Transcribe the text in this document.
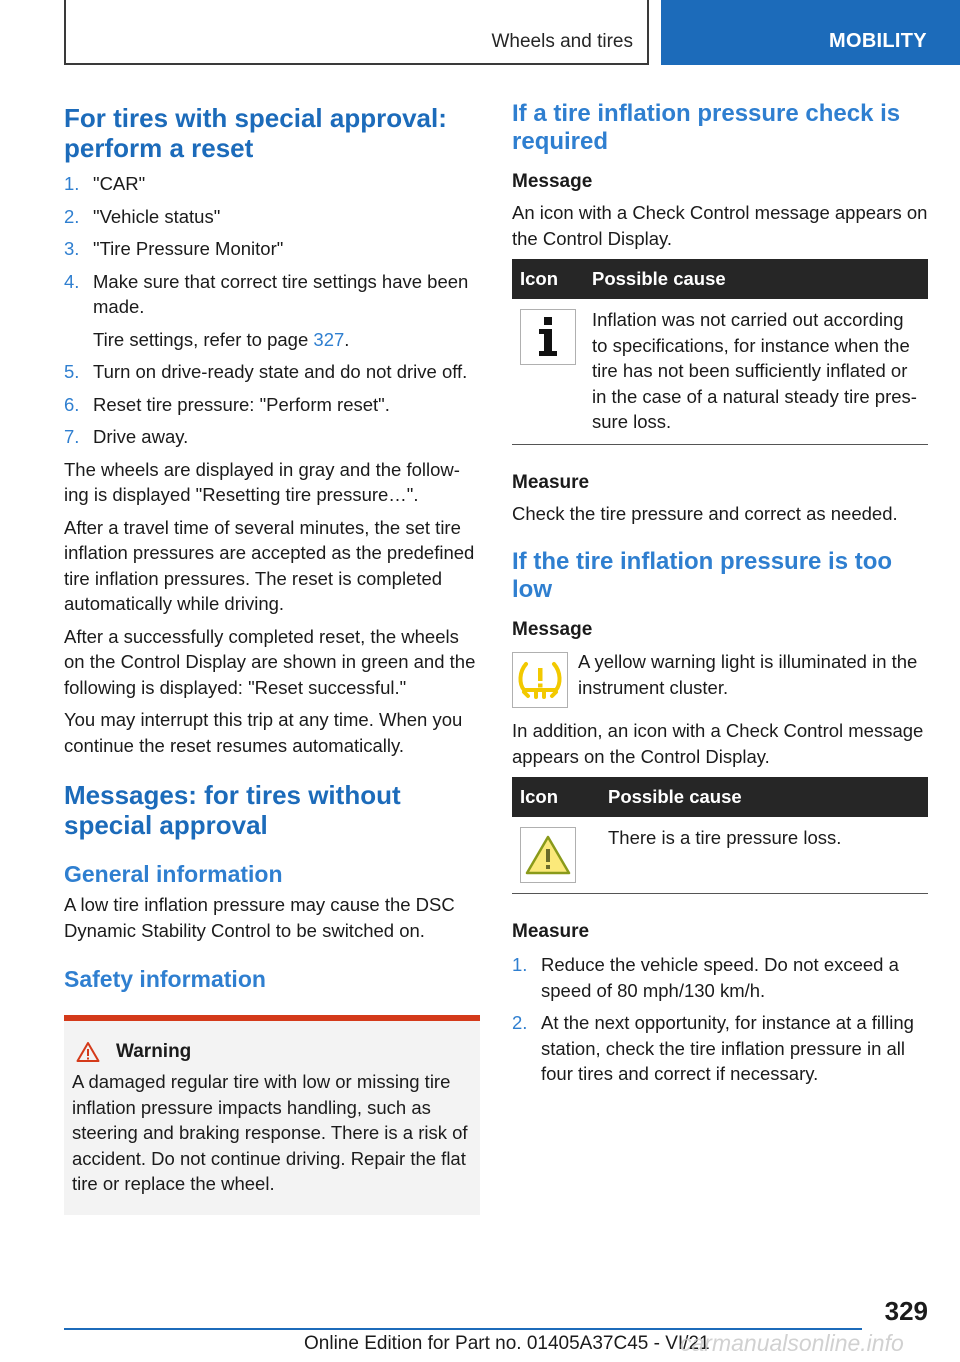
Wheels and tires	MOBILITY
For tires with special approval: perform a reset
1. "CAR"
2. "Vehicle status"
3. "Tire Pressure Monitor"
4. Make sure that correct tire settings have been made.
Tire settings, refer to page 327.
5. Turn on drive-ready state and do not drive off.
6. Reset tire pressure: "Perform reset".
7. Drive away.

The wheels are displayed in gray and the following is displayed "Resetting tire pressure…".

After a travel time of several minutes, the set tire inflation pressures are accepted as the predefined tire inflation pressures. The reset is completed automatically while driving.

After a successfully completed reset, the wheels on the Control Display are shown in green and the following is displayed: "Reset successful."

You may interrupt this trip at any time. When you continue the reset resumes automatically.

Messages: for tires without special approval
General information

A low tire inflation pressure may cause the DSC Dynamic Stability Control to be switched on.

Safety information
Warning

A damaged regular tire with low or missing tire inflation pressure impacts handling, such as steering and braking response. There is a risk of accident. Do not continue driving. Repair the flat tire or replace the wheel.

If a tire inflation pressure check is required
Message

An icon with a Check Control message appears on the Control Display.

Icon	Possible cause

	Inflation was not carried out according to specifications, for instance when the tire has not been sufficiently inflated or in the case of a natural steady tire pressure loss.
Measure

Check the tire pressure and correct as needed.

If the tire inflation pressure is too low
Message

A yellow warning light is illuminated in the instrument cluster.

In addition, an icon with a Check Control message appears on the Control Display.

Icon	Possible cause

	There is a tire pressure loss.
Measure
1. Reduce the vehicle speed. Do not exceed a speed of 80 mph/130 km/h.
2. At the next opportunity, for instance at a filling station, check the tire inflation pressure in all four tires and correct if necessary.
329
Online Edition for Part no. 01405A37C45 - VI/21
carmanualsonline.info
